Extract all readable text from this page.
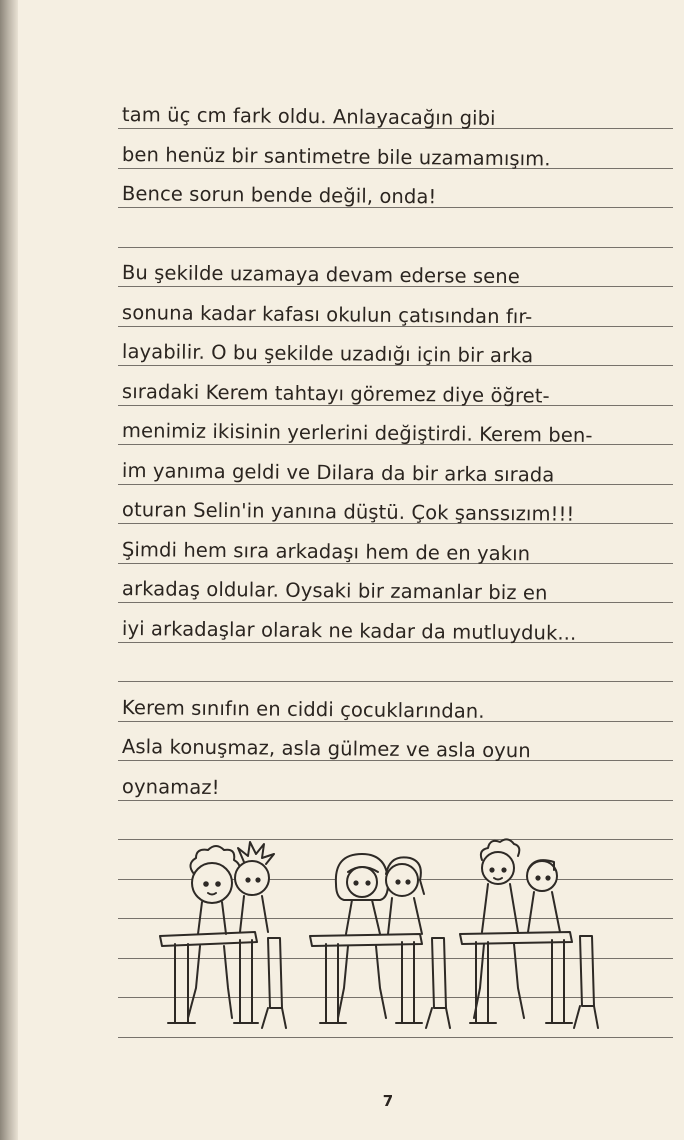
tam üç cm fark oldu. Anlayacağın gibi
ben henüz bir santimetre bile uzamamışım.
Bence sorun bende değil, onda!
Bu şekilde uzamaya devam ederse sene
sonuna kadar kafası okulun çatısından fır-
layabilir. O bu şekilde uzadığı için bir arka
sıradaki Kerem tahtayı göremez diye öğret-
menimiz ikisinin yerlerini değiştirdi. Kerem ben-
im yanıma geldi ve Dilara da bir arka sırada
oturan Selin'in yanına düştü. Çok şanssızım!!!
Şimdi hem sıra arkadaşı hem de en yakın
arkadaş oldular. Oysaki bir zamanlar biz en
iyi arkadaşlar olarak ne kadar da mutluyduk...
Kerem sınıfın en ciddi çocuklarından.
Asla konuşmaz, asla gülmez ve asla oyun
oynamaz!
7
